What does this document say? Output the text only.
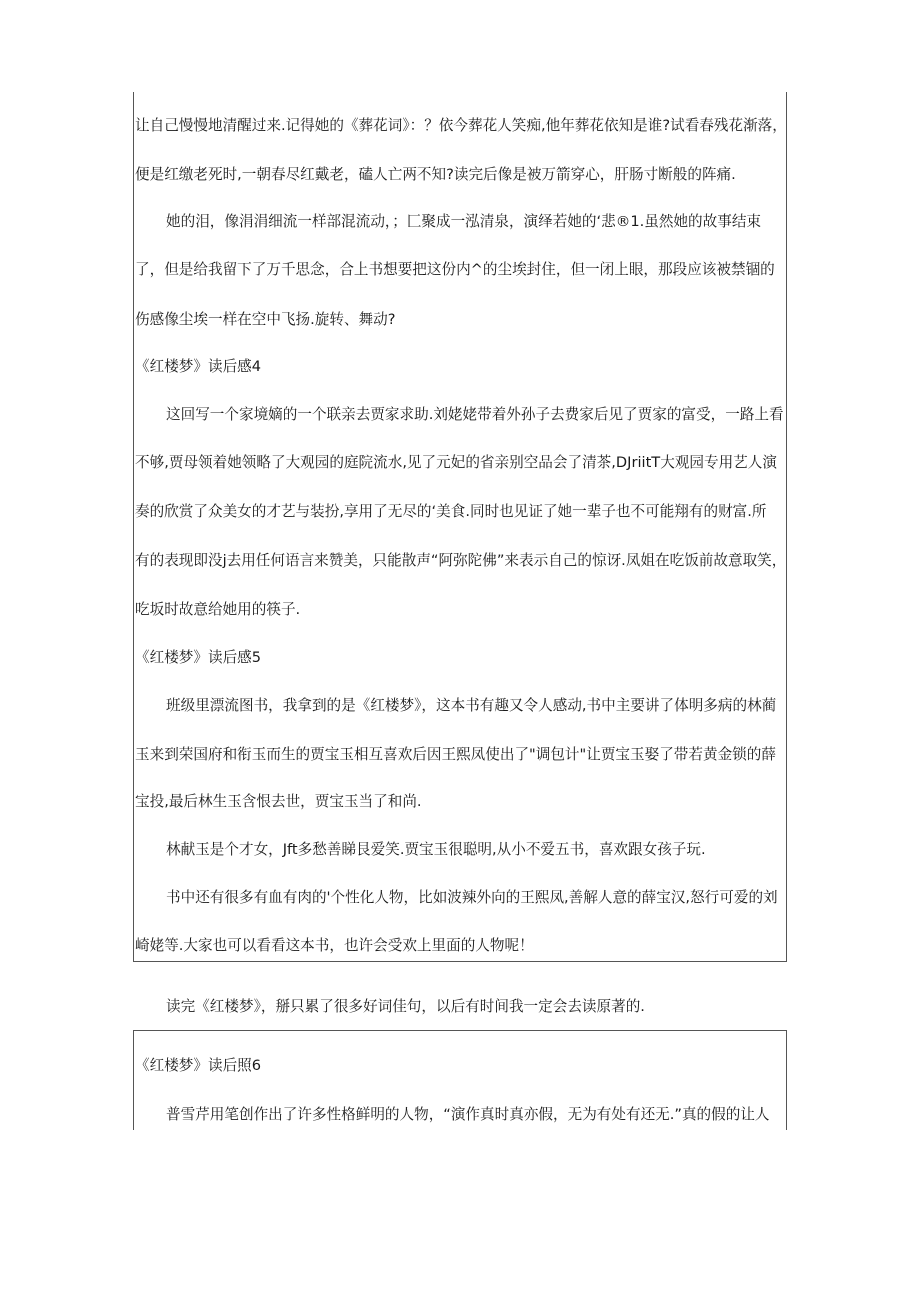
让自己慢慢地清醒过来.记得她的《葬花词》：？依今葬花人笑痴,他年葬花依知是谁?试看春残花渐落，
便是红缴老死时,一朝春尽红戴老，磕人亡两不知?读完后像是被万箭穿心，肝肠寸断般的阵痛.
她的泪，像涓涓细流一样部混流动，；匚聚成一泓清泉，演绎若她的‘悲®1.虽然她的故事结束
了，但是给我留下了万千思念，合上书想要把这份内^的尘埃封住，但一闭上眼，那段应该被禁锢的
伤感像尘埃一样在空中飞扬.旋转、舞动?
《红楼梦》读后感4
这回写一个家境嫡的一个联亲去贾家求助.刘姥姥带着外孙子去费家后见了贾家的富受，一路上看
不够,贾母领着她领略了大观园的庭院流水,见了元妃的省亲别空品会了清茶,DJriitT大观园专用艺人演
奏的欣赏了众美女的才艺与装扮,享用了无尽的‘美食.同时也见证了她一辈子也不可能翔有的财富.所
有的表现即没j去用任何语言来赞美，只能散声“阿弥陀佛”来表示自己的惊讶.凤姐在吃饭前故意取笑，
吃坂时故意给她用的筷子.
《红楼梦》读后感5
班级里漂流图书，我拿到的是《红楼梦》，这本书有趣又令人感动,书中主要讲了体明多病的林蔺
玉来到荣国府和衔玉而生的贾宝玉相互喜欢后因王熙凤使出了"调包计"让贾宝玉娶了带若黄金锁的薛
宝投,最后林生玉含恨去世，贾宝玉当了和尚.
林献玉是个才女，Jft多愁善睇艮爱笑.贾宝玉很聪明,从小不爱五书，喜欢跟女孩子玩.
书中还有很多有血有肉的'个性化人物，比如波辣外向的王熙凤,善解人意的薛宝汉,怒行可爱的刘
崎姥等.大家也可以看看这本书，也许会受欢上里面的人物呢！
读完《红楼梦》，掰只累了很多好词佳句，以后有时间我一定会去读原著的.
《红楼梦》读后照6
普雪芹用笔创作出了许多性格鲜明的人物，“演作真时真亦假，无为有处有还无.”真的假的让人
